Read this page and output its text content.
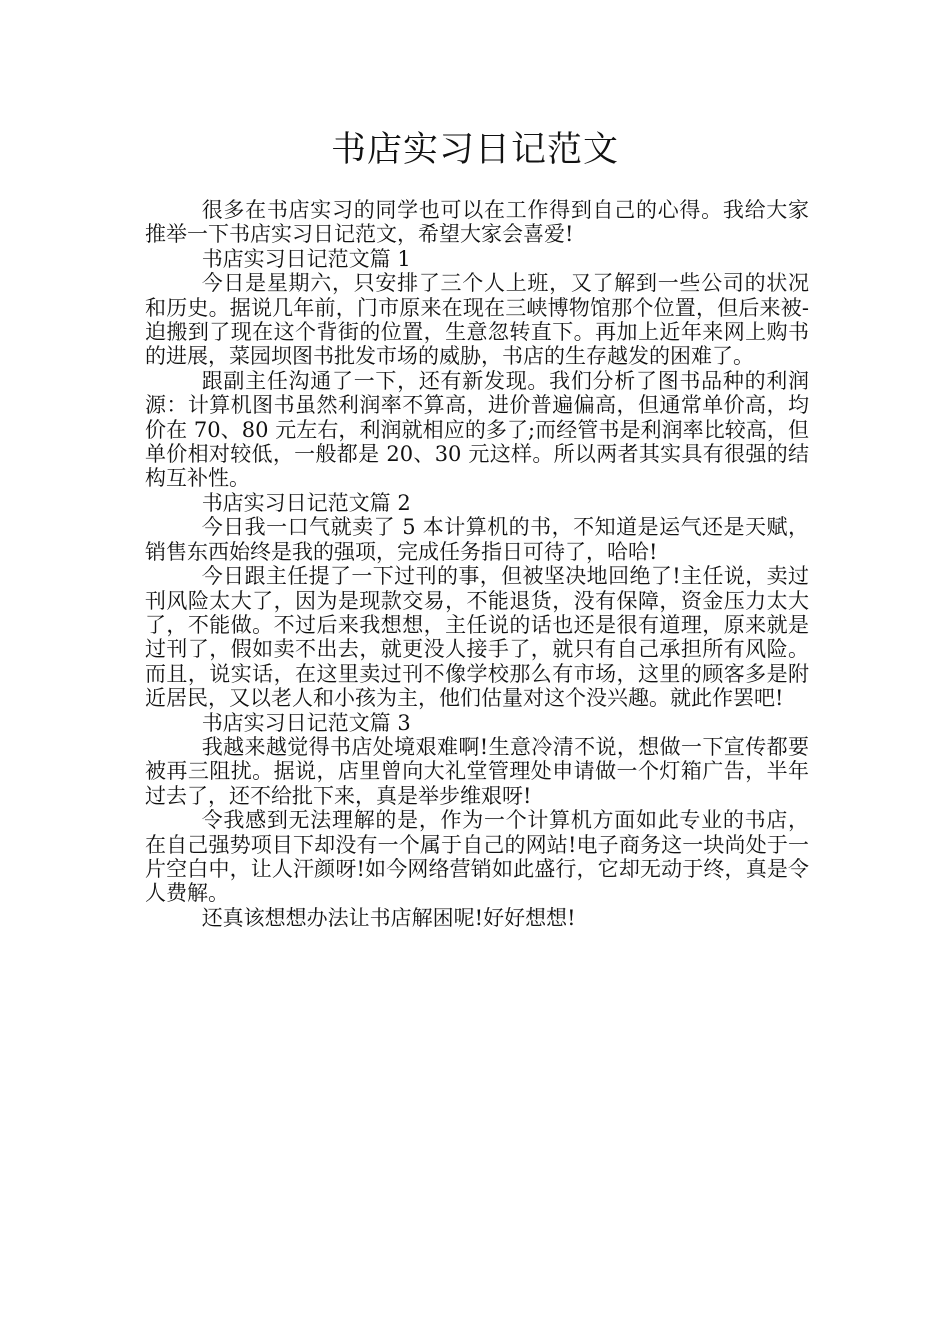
书店实习日记范文

很多在书店实习的同学也可以在工作得到自己的心得。我给大家推举一下书店实习日记范文，希望大家会喜爱!

书店实习日记范文篇 1

今日是星期六，只安排了三个人上班，又了解到一些公司的状况和历史。据说几年前，门市原来在现在三峡博物馆那个位置，但后来被-迫搬到了现在这个背街的位置，生意忽转直下。再加上近年来网上购书的进展，菜园坝图书批发市场的威胁，书店的生存越发的困难了。

跟副主任沟通了一下，还有新发现。我们分析了图书品种的利润源：计算机图书虽然利润率不算高，进价普遍偏高，但通常单价高，均价在 70、80 元左右，利润就相应的多了;而经管书是利润率比较高，但单价相对较低，一般都是 20、30 元这样。所以两者其实具有很强的结构互补性。

书店实习日记范文篇 2

今日我一口气就卖了 5 本计算机的书，不知道是运气还是天赋，销售东西始终是我的强项，完成任务指日可待了，哈哈!

今日跟主任提了一下过刊的事，但被坚决地回绝了!主任说，卖过刊风险太大了，因为是现款交易，不能退货，没有保障，资金压力太大了，不能做。不过后来我想想，主任说的话也还是很有道理，原来就是过刊了，假如卖不出去，就更没人接手了，就只有自己承担所有风险。而且，说实话，在这里卖过刊不像学校那么有市场，这里的顾客多是附近居民，又以老人和小孩为主，他们估量对这个没兴趣。就此作罢吧!

书店实习日记范文篇 3

我越来越觉得书店处境艰难啊!生意冷清不说，想做一下宣传都要被再三阻扰。据说，店里曾向大礼堂管理处申请做一个灯箱广告，半年过去了，还不给批下来，真是举步维艰呀!

令我感到无法理解的是，作为一个计算机方面如此专业的书店，在自己强势项目下却没有一个属于自己的网站!电子商务这一块尚处于一片空白中，让人汗颜呀!如今网络营销如此盛行，它却无动于终，真是令人费解。

还真该想想办法让书店解困呢!好好想想!
